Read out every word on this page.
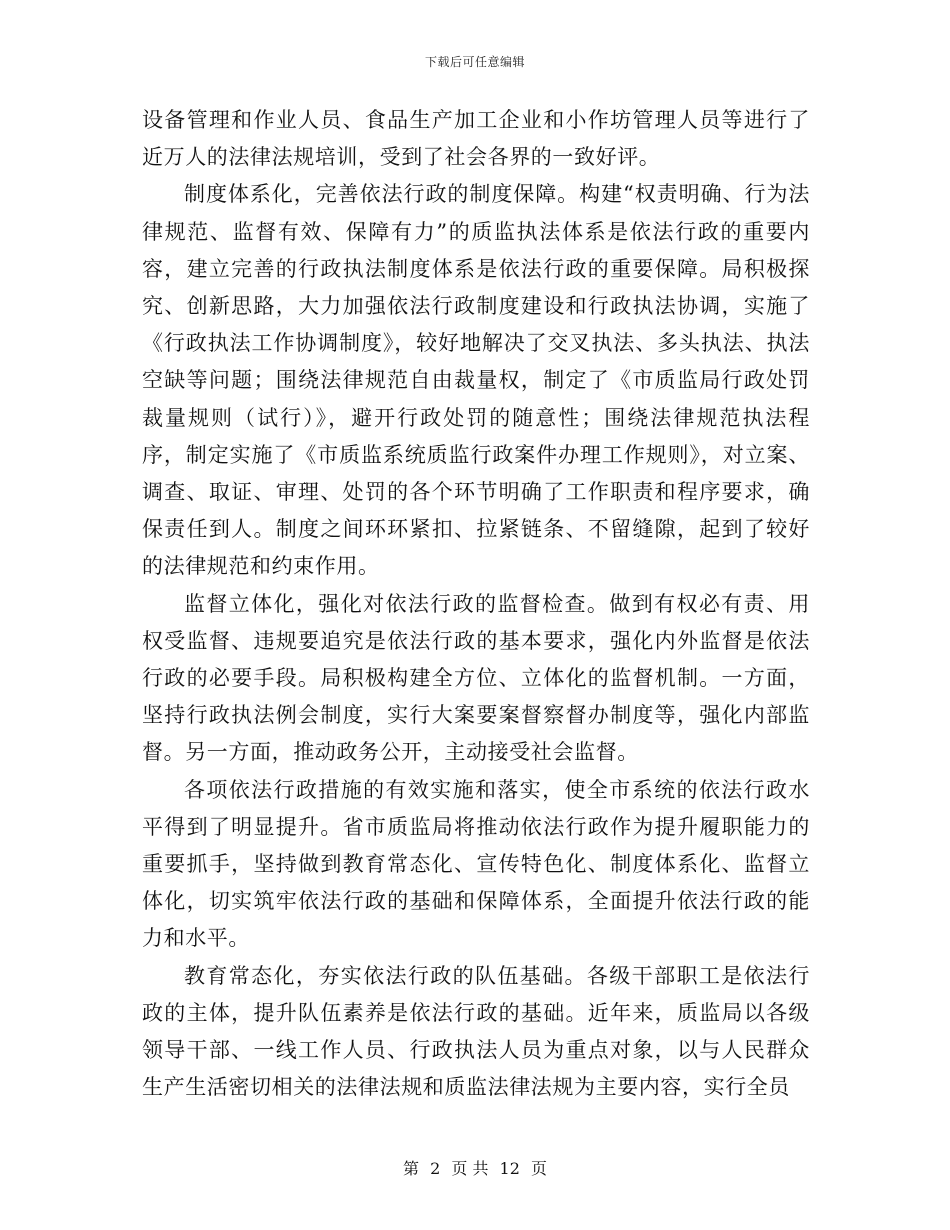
下载后可任意编辑

设备管理和作业人员、食品生产加工企业和小作坊管理人员等进行了近万人的法律法规培训，受到了社会各界的一致好评。

制度体系化，完善依法行政的制度保障。构建“权责明确、行为法律规范、监督有效、保障有力”的质监执法体系是依法行政的重要内容，建立完善的行政执法制度体系是依法行政的重要保障。局积极探究、创新思路，大力加强依法行政制度建设和行政执法协调，实施了《行政执法工作协调制度》，较好地解决了交叉执法、多头执法、执法空缺等问题；围绕法律规范自由裁量权，制定了《市质监局行政处罚裁量规则（试行）》，避开行政处罚的随意性；围绕法律规范执法程序，制定实施了《市质监系统质监行政案件办理工作规则》，对立案、调查、取证、审理、处罚的各个环节明确了工作职责和程序要求，确保责任到人。制度之间环环紧扣、拉紧链条、不留缝隙，起到了较好的法律规范和约束作用。

监督立体化，强化对依法行政的监督检查。做到有权必有责、用权受监督、违规要追究是依法行政的基本要求，强化内外监督是依法行政的必要手段。局积极构建全方位、立体化的监督机制。一方面，坚持行政执法例会制度，实行大案要案督察督办制度等，强化内部监督。另一方面，推动政务公开，主动接受社会监督。

各项依法行政措施的有效实施和落实，使全市系统的依法行政水平得到了明显提升。省市质监局将推动依法行政作为提升履职能力的重要抓手，坚持做到教育常态化、宣传特色化、制度体系化、监督立体化，切实筑牢依法行政的基础和保障体系，全面提升依法行政的能力和水平。

教育常态化，夯实依法行政的队伍基础。各级干部职工是依法行政的主体，提升队伍素养是依法行政的基础。近年来，质监局以各级领导干部、一线工作人员、行政执法人员为重点对象，以与人民群众生产生活密切相关的法律法规和质监法律法规为主要内容，实行全员

第 2 页 共 12 页
